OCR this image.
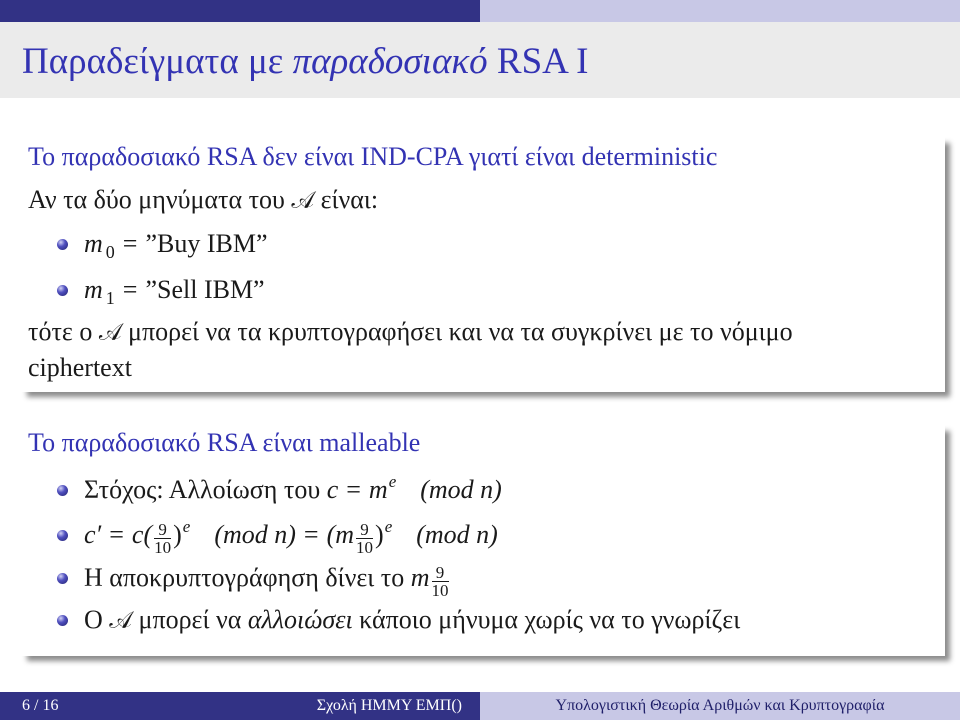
Παραδείγματα με παραδοσιακό RSA I
Το παραδοσιακό RSA δεν είναι IND-CPA γιατί είναι deterministic
Αν τα δύο μηνύματα του 𝒜 είναι:
m $_0$ = ”Buy IBM”
m $_1$ = ”Sell IBM”
τότε ο 𝒜 μπορεί να τα κρυπτογραφήσει και να τα συγκρίνει με το νόμιμο
ciphertext
Το παραδοσιακό RSA είναι malleable
Στόχος: Αλλοίωση του $c = m^e$ (mod n)
$c' = c( \frac{9}{10} )^e$ (mod $n) = (m \frac{9}{10} )^e$ (mod n)
Η αποκρυπτογράφηση δίνει το m $\frac{9}{10}$
Ο 𝒜 μπορεί να αλλοιώσει κάποιο μήνυμα χωρίς να το γνωρίζει
6 / 16	Σχολή ΗΜΜΥ ΕΜΠ()	Υπολογιστική Θεωρία Αριθμών και Κρυπτογραφία
